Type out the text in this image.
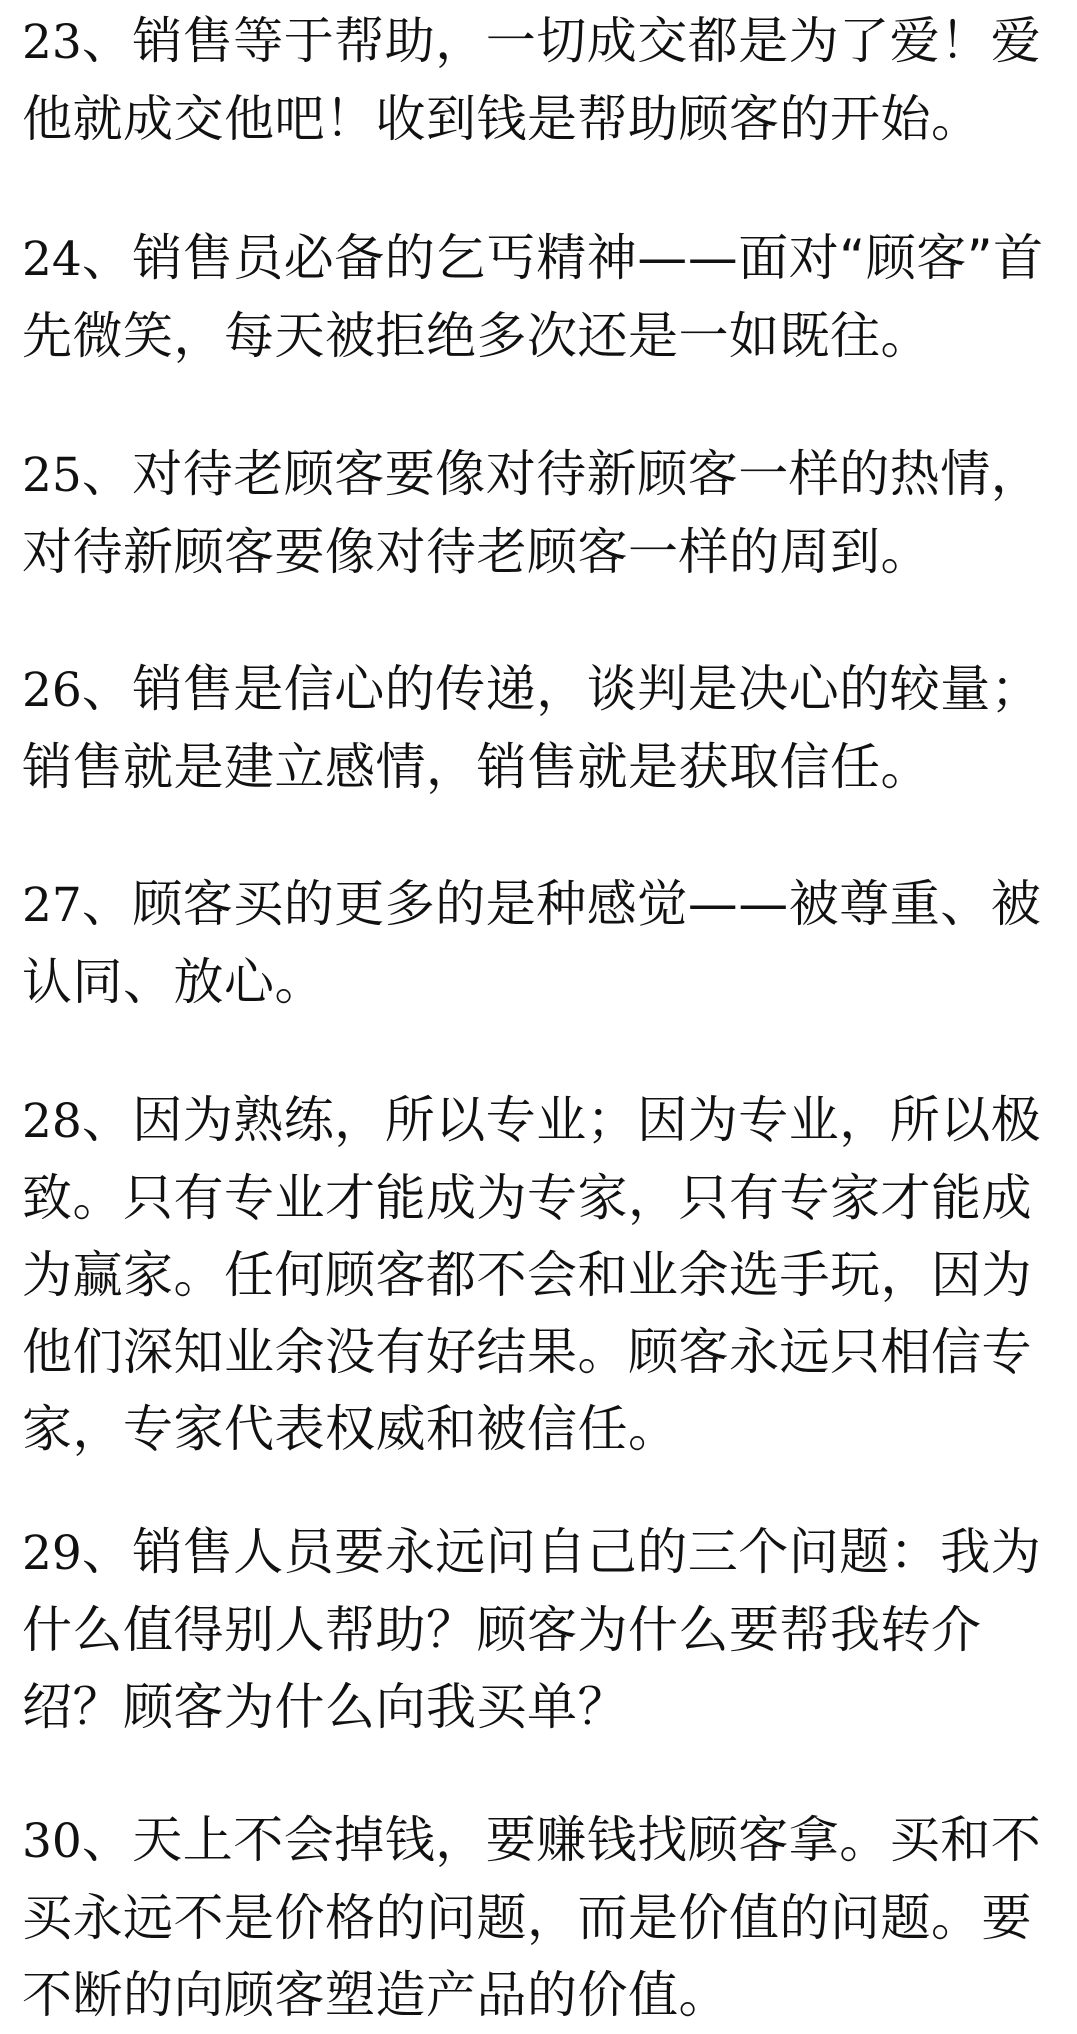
23、销售等于帮助，一切成交都是为了爱！爱他就成交他吧！收到钱是帮助顾客的开始。

24、销售员必备的乞丐精神——面对“顾客”首先微笑，每天被拒绝多次还是一如既往。

25、对待老顾客要像对待新顾客一样的热情，对待新顾客要像对待老顾客一样的周到。

26、销售是信心的传递，谈判是决心的较量；销售就是建立感情，销售就是获取信任。

27、顾客买的更多的是种感觉——被尊重、被认同、放心。

28、因为熟练，所以专业；因为专业，所以极致。只有专业才能成为专家，只有专家才能成为赢家。任何顾客都不会和业余选手玩，因为他们深知业余没有好结果。顾客永远只相信专家，专家代表权威和被信任。

29、销售人员要永远问自己的三个问题：我为什么值得别人帮助？顾客为什么要帮我转介绍？顾客为什么向我买单？

30、天上不会掉钱，要赚钱找顾客拿。买和不买永远不是价格的问题，而是价值的问题。要不断的向顾客塑造产品的价值。
